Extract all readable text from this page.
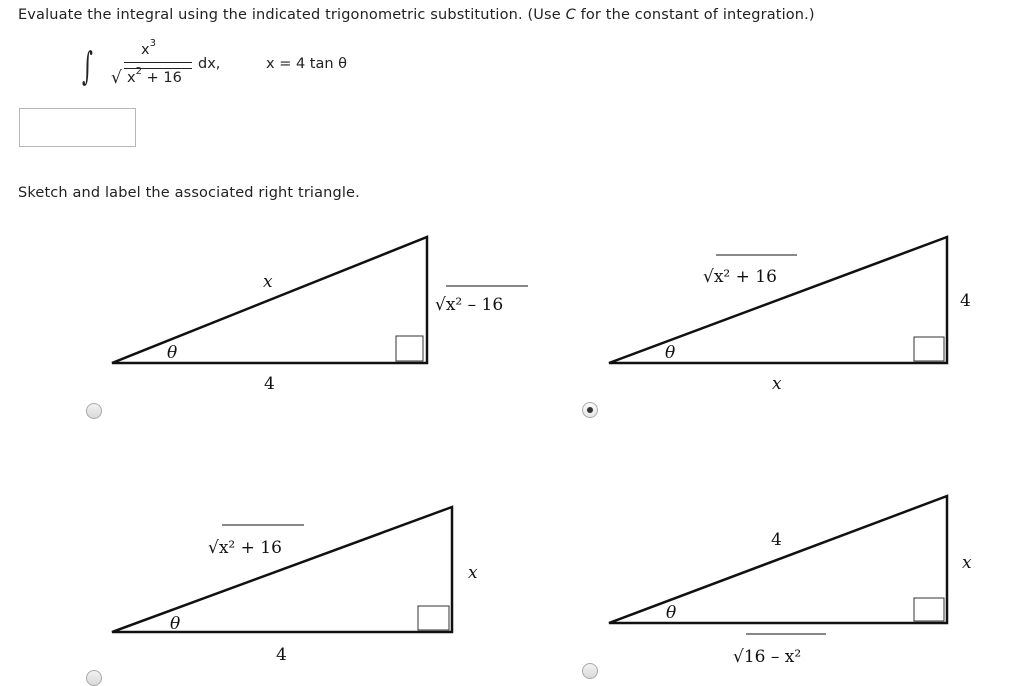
Evaluate the integral using the indicated trigonometric substitution. (Use C for the constant of integration.)
∫	$x^3$
√ $x^2 + 16$
dx,	x = 4 tan θ
Sketch and label the associated right triangle.
x
√x² – 16
4
θ
√x² + 16
4
x
θ
√x² + 16
x
4
θ
4
x
√16 – x²
θ
